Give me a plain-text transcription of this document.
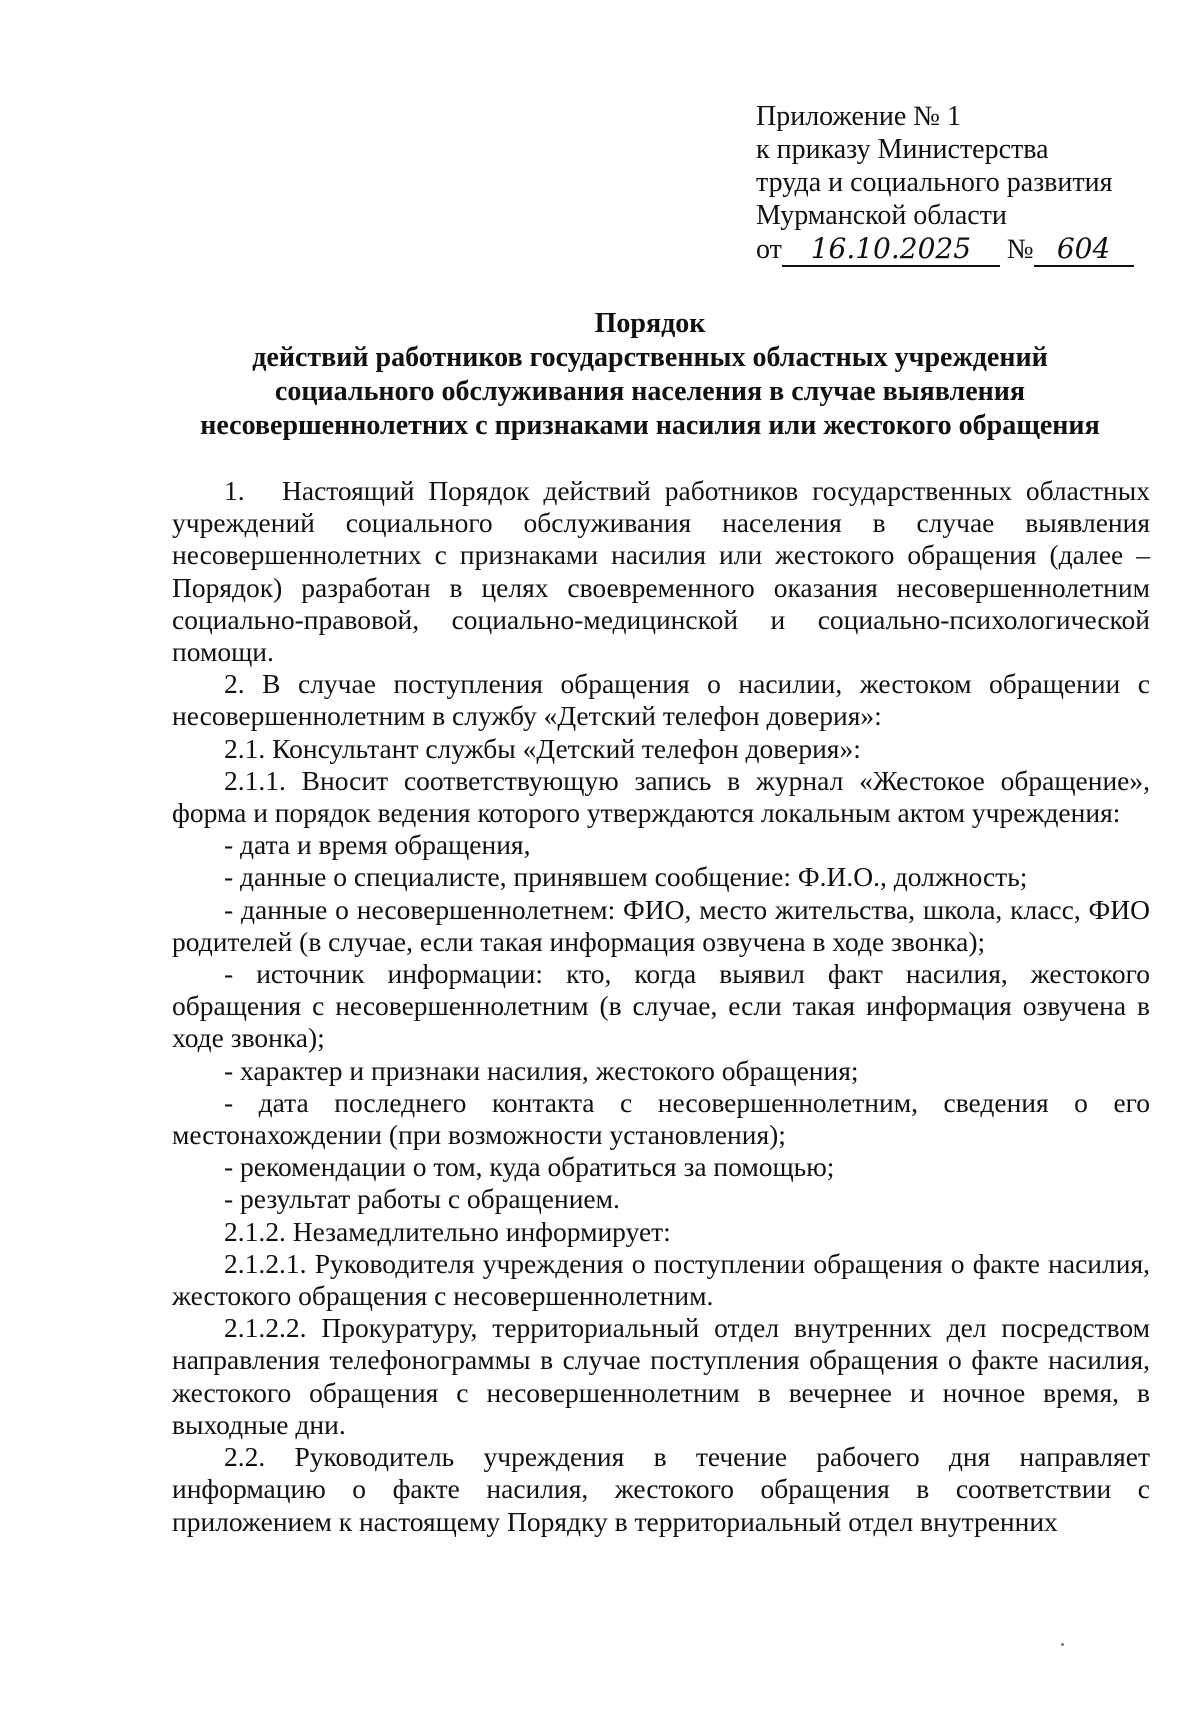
Приложение № 1
к приказу Министерства
труда и социального развития
Мурманской области
от 16.10.2025 № 604
Порядок
действий работников государственных областных учреждений
социального обслуживания населения в случае выявления
несовершеннолетних с признаками насилия или жестокого обращения

1. Настоящий Порядок действий работников государственных областных учреждений социального обслуживания населения в случае выявления несовершеннолетних с признаками насилия или жестокого обращения (далее – Порядок) разработан в целях своевременного оказания несовершеннолетним социально-правовой, социально-медицинской и социально-психологической помощи.

2. В случае поступления обращения о насилии, жестоком обращении с несовершеннолетним в службу «Детский телефон доверия»:

2.1. Консультант службы «Детский телефон доверия»:

2.1.1. Вносит соответствующую запись в журнал «Жестокое обращение», форма и порядок ведения которого утверждаются локальным актом учреждения:

- дата и время обращения,

- данные о специалисте, принявшем сообщение: Ф.И.О., должность;

- данные о несовершеннолетнем: ФИО, место жительства, школа, класс, ФИО родителей (в случае, если такая информация озвучена в ходе звонка);

- источник информации: кто, когда выявил факт насилия, жестокого обращения с несовершеннолетним (в случае, если такая информация озвучена в ходе звонка);

- характер и признаки насилия, жестокого обращения;

- дата последнего контакта с несовершеннолетним, сведения о его местонахождении (при возможности установления);

- рекомендации о том, куда обратиться за помощью;

- результат работы с обращением.

2.1.2. Незамедлительно информирует:

2.1.2.1. Руководителя учреждения о поступлении обращения о факте насилия, жестокого обращения с несовершеннолетним.

2.1.2.2. Прокуратуру, территориальный отдел внутренних дел посредством направления телефонограммы в случае поступления обращения о факте насилия, жестокого обращения с несовершеннолетним в вечернее и ночное время, в выходные дни.

2.2. Руководитель учреждения в течение рабочего дня направляет информацию о факте насилия, жестокого обращения в соответствии с приложением к настоящему Порядку в территориальный отдел внутренних
